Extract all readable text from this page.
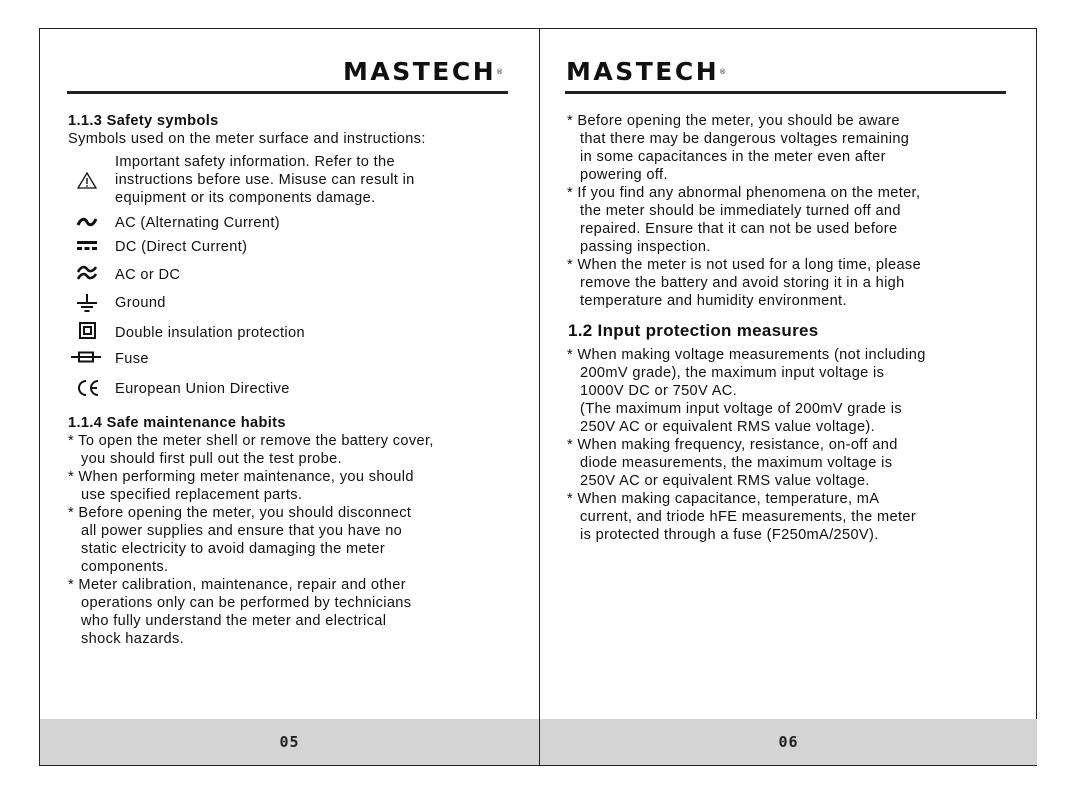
MASTECH®
1.1.3 Safety symbols
Symbols used on the meter surface and instructions:
Important safety information. Refer to the
instructions before use. Misuse can result in
equipment or its components damage.
AC (Alternating Current)
DC (Direct Current)
AC or DC
Ground
Double insulation protection
Fuse
European Union Directive
1.1.4 Safe maintenance habits

* To open the meter shell or remove the battery cover,
you should first pull out the test probe.

* When performing meter maintenance, you should
use specified replacement parts.

* Before opening the meter, you should disconnect
all power supplies and ensure that you have no
static electricity to avoid damaging the meter
components.

* Meter calibration, maintenance, repair and other
operations only can be performed by technicians
who fully understand the meter and electrical
shock hazards.

05
MASTECH®

* Before opening the meter, you should be aware
that there may be dangerous voltages remaining
in some capacitances in the meter even after
powering off.

* If you find any abnormal phenomena on the meter,
the meter should be immediately turned off and
repaired. Ensure that it can not be used before
passing inspection.

* When the meter is not used for a long time, please
remove the battery and avoid storing it in a high
temperature and humidity environment.

1.2 Input protection measures

* When making voltage measurements (not including
200mV grade), the maximum input voltage is
1000V DC or 750V AC.
(The maximum input voltage of 200mV grade is
250V AC or equivalent RMS value voltage).

* When making frequency, resistance, on-off and
diode measurements, the maximum voltage is
250V AC or equivalent RMS value voltage.

* When making capacitance, temperature, mA
current, and triode hFE measurements, the meter
is protected through a fuse (F250mA/250V).

06
